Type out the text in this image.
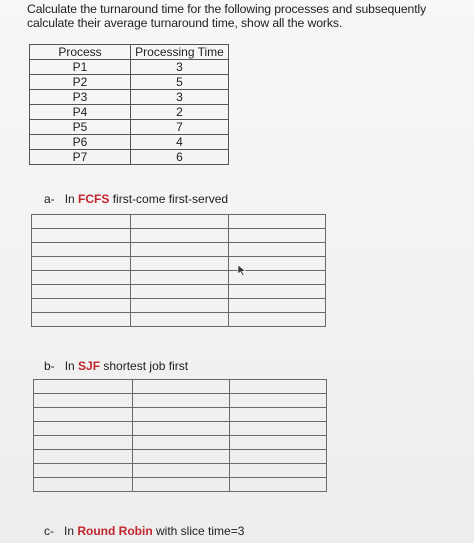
Calculate the turnaround time for the following processes and subsequently calculate their average turnaround time, show all the works.
Process	Processing Time
P1	3
P2	5
P3	3
P4	2
P5	7
P6	4
P7	6
a- In FCFS first-come first-served

b- In SJF shortest job first

c- In Round Robin with slice time=3
